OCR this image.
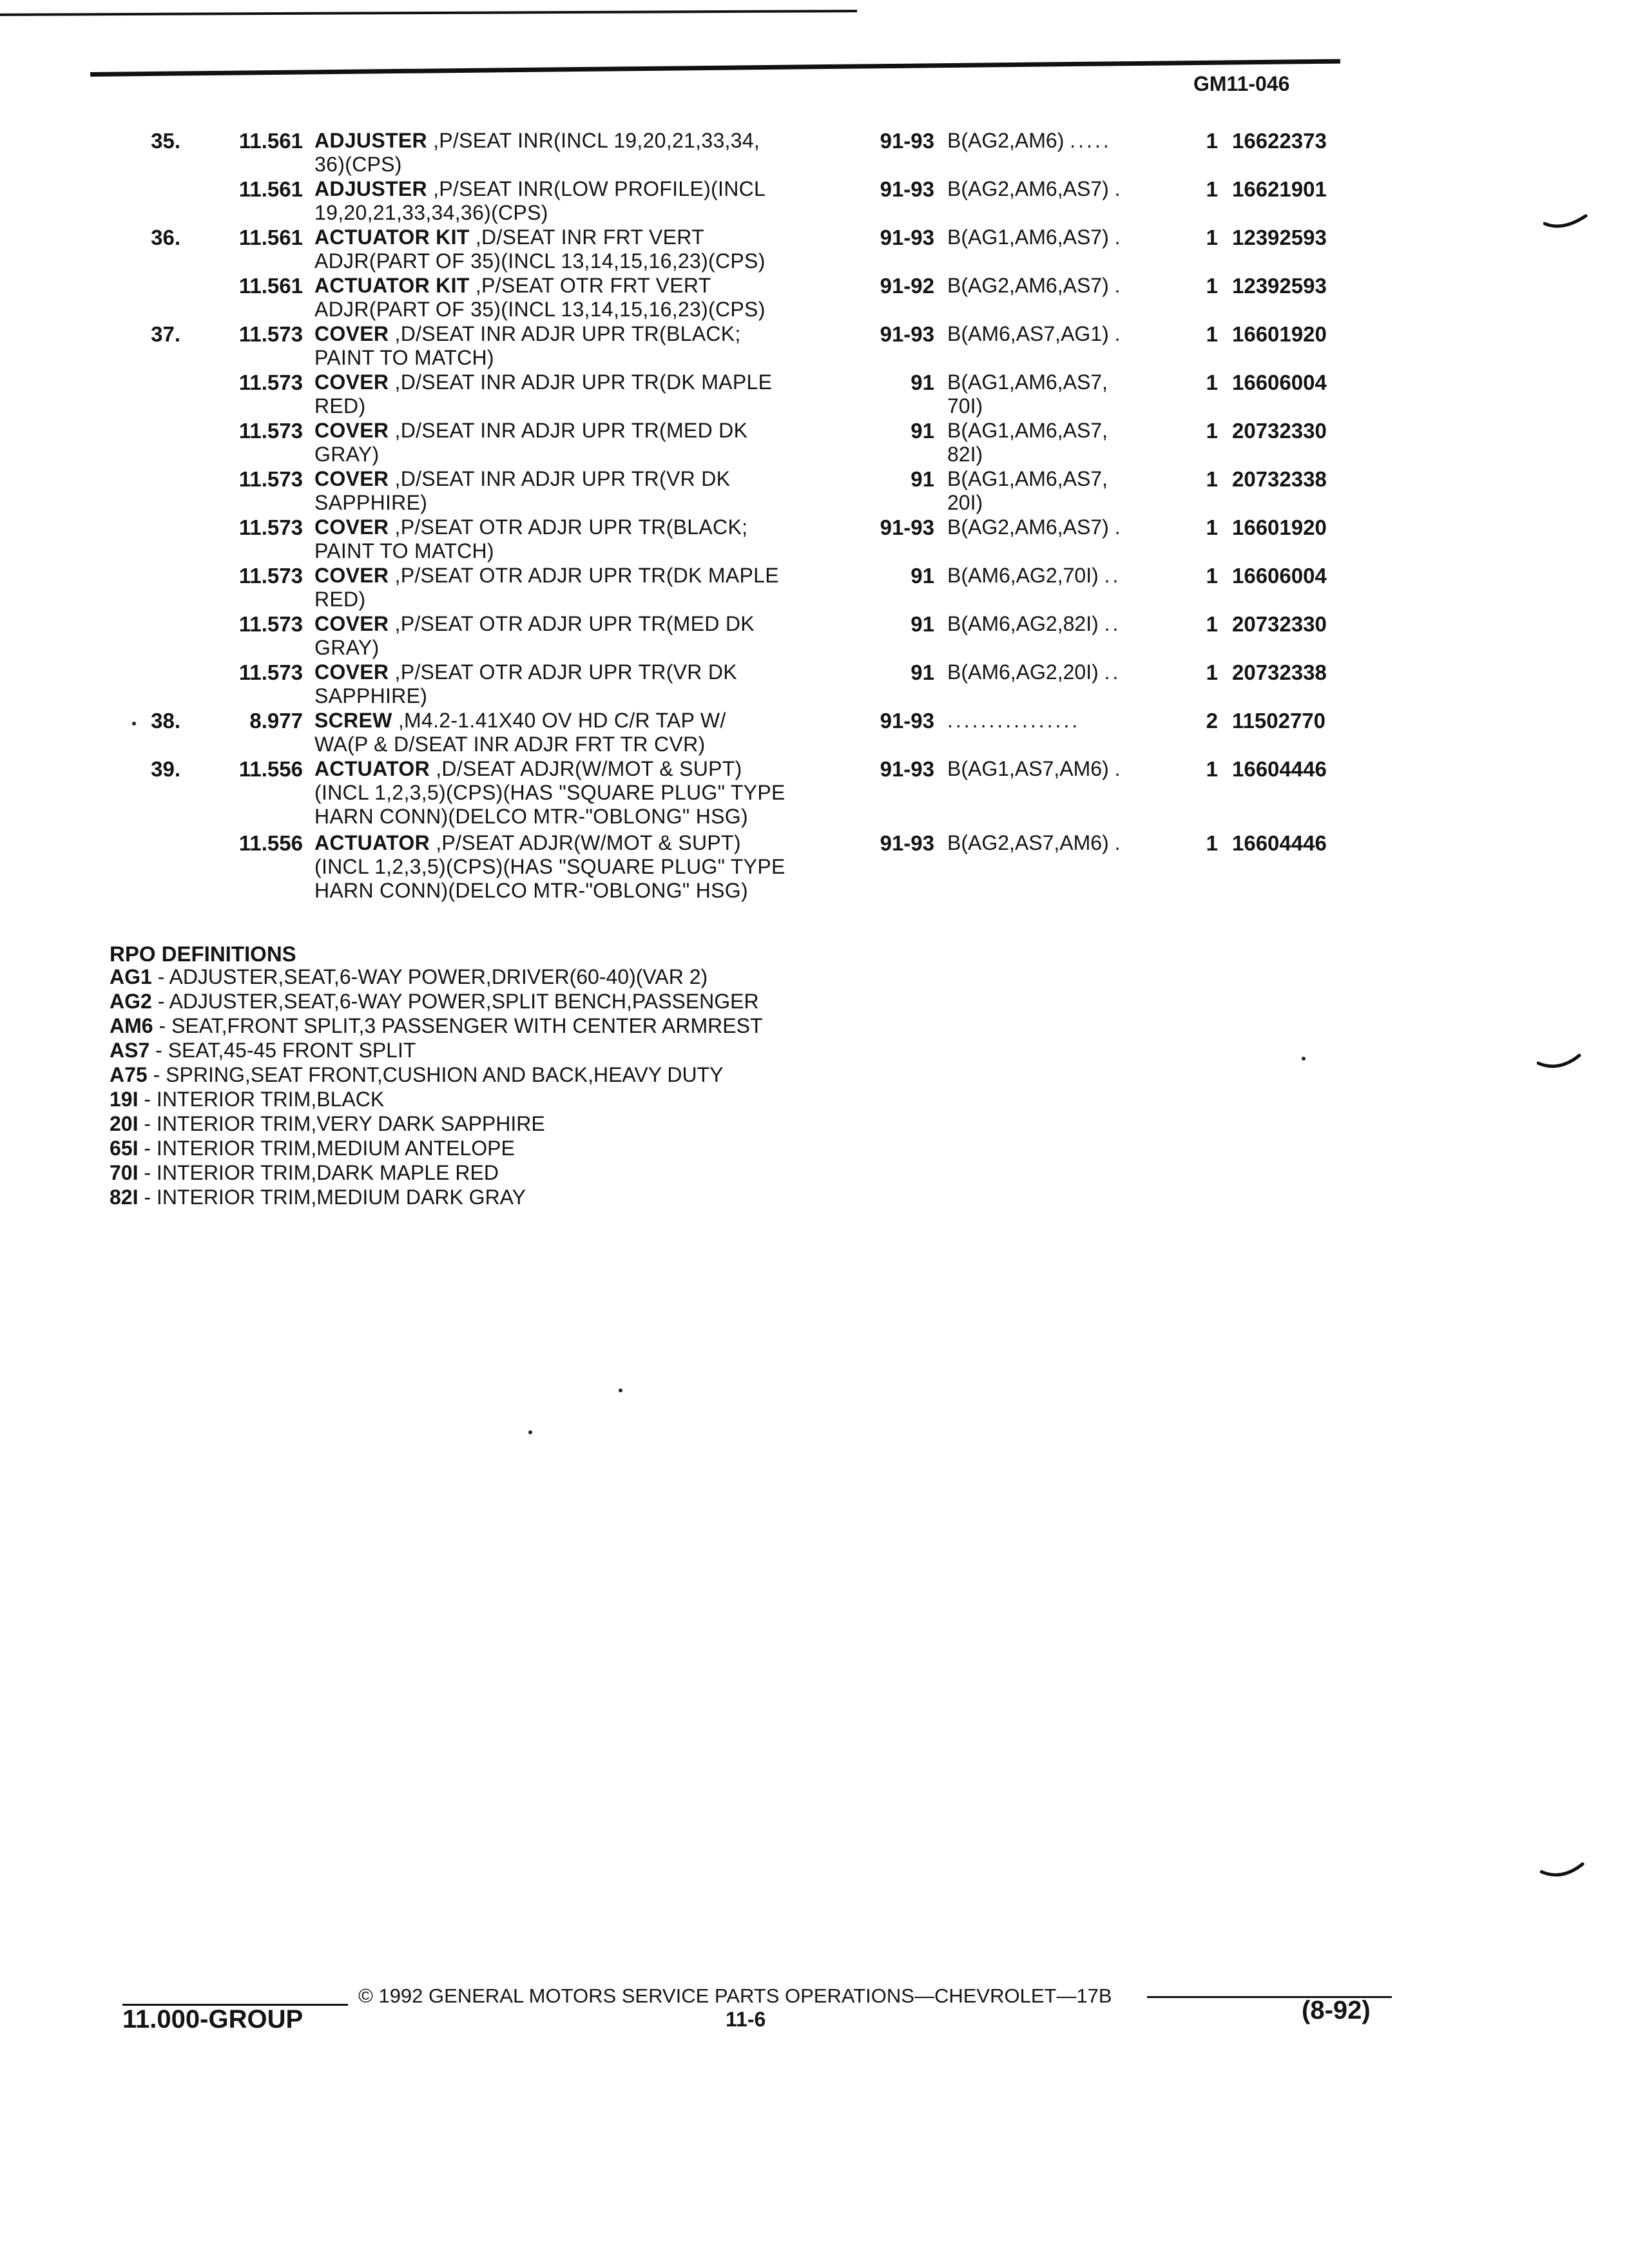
GM11-046
35.	11.561 ADJUSTER ,P/SEAT INR(INCL 19,20,21,33,34,
36)(CPS)
91-93 B(AG2,AM6) .....	1 16622373
11.561 ADJUSTER ,P/SEAT INR(LOW PROFILE)(INCL
19,20,21,33,34,36)(CPS)
91-93 B(AG2,AM6,AS7) .	1 16621901
36.	11.561 ACTUATOR KIT ,D/SEAT INR FRT VERT
ADJR(PART OF 35)(INCL 13,14,15,16,23)(CPS)
91-93 B(AG1,AM6,AS7) .	1 12392593
11.561 ACTUATOR KIT ,P/SEAT OTR FRT VERT
ADJR(PART OF 35)(INCL 13,14,15,16,23)(CPS)
91-92 B(AG2,AM6,AS7) .	1 12392593
37.	11.573 COVER ,D/SEAT INR ADJR UPR TR(BLACK;
PAINT TO MATCH)
91-93 B(AM6,AS7,AG1) .	1 16601920
11.573 COVER ,D/SEAT INR ADJR UPR TR(DK MAPLE
RED)
91 B(AG1,AM6,AS7,
70I)
1 16606004
11.573 COVER ,D/SEAT INR ADJR UPR TR(MED DK
GRAY)
91 B(AG1,AM6,AS7,
82I)
1 20732330
11.573 COVER ,D/SEAT INR ADJR UPR TR(VR DK
SAPPHIRE)
91 B(AG1,AM6,AS7,
20I)
1 20732338
11.573 COVER ,P/SEAT OTR ADJR UPR TR(BLACK;
PAINT TO MATCH)
91-93 B(AG2,AM6,AS7) .	1 16601920
11.573 COVER ,P/SEAT OTR ADJR UPR TR(DK MAPLE
RED)
91 B(AM6,AG2,70I) ..	1 16606004
11.573 COVER ,P/SEAT OTR ADJR UPR TR(MED DK
GRAY)
91 B(AM6,AG2,82I) ..	1 20732330
11.573 COVER ,P/SEAT OTR ADJR UPR TR(VR DK
SAPPHIRE)
91 B(AM6,AG2,20I) ..	1 20732338
38.	8.977 SCREW ,M4.2-1.41X40 OV HD C/R TAP W/
WA(P & D/SEAT INR ADJR FRT TR CVR)
91-93 ................	2 11502770
39.	11.556 ACTUATOR ,D/SEAT ADJR(W/MOT & SUPT)
(INCL 1,2,3,5)(CPS)(HAS "SQUARE PLUG" TYPE
HARN CONN)(DELCO MTR-"OBLONG" HSG)
91-93 B(AG1,AS7,AM6) .	1 16604446
11.556 ACTUATOR ,P/SEAT ADJR(W/MOT & SUPT)
(INCL 1,2,3,5)(CPS)(HAS "SQUARE PLUG" TYPE
HARN CONN)(DELCO MTR-"OBLONG" HSG)
91-93 B(AG2,AS7,AM6) .	1 16604446
RPO DEFINITIONS
AG1 - ADJUSTER,SEAT,6-WAY POWER,DRIVER(60-40)(VAR 2)
AG2 - ADJUSTER,SEAT,6-WAY POWER,SPLIT BENCH,PASSENGER
AM6 - SEAT,FRONT SPLIT,3 PASSENGER WITH CENTER ARMREST
AS7 - SEAT,45-45 FRONT SPLIT
A75 - SPRING,SEAT FRONT,CUSHION AND BACK,HEAVY DUTY
19I - INTERIOR TRIM,BLACK
20I - INTERIOR TRIM,VERY DARK SAPPHIRE
65I - INTERIOR TRIM,MEDIUM ANTELOPE
70I - INTERIOR TRIM,DARK MAPLE RED
82I - INTERIOR TRIM,MEDIUM DARK GRAY
© 1992 GENERAL MOTORS SERVICE PARTS OPERATIONS—CHEVROLET—17B
11.000-GROUP	11-6	(8-92)
